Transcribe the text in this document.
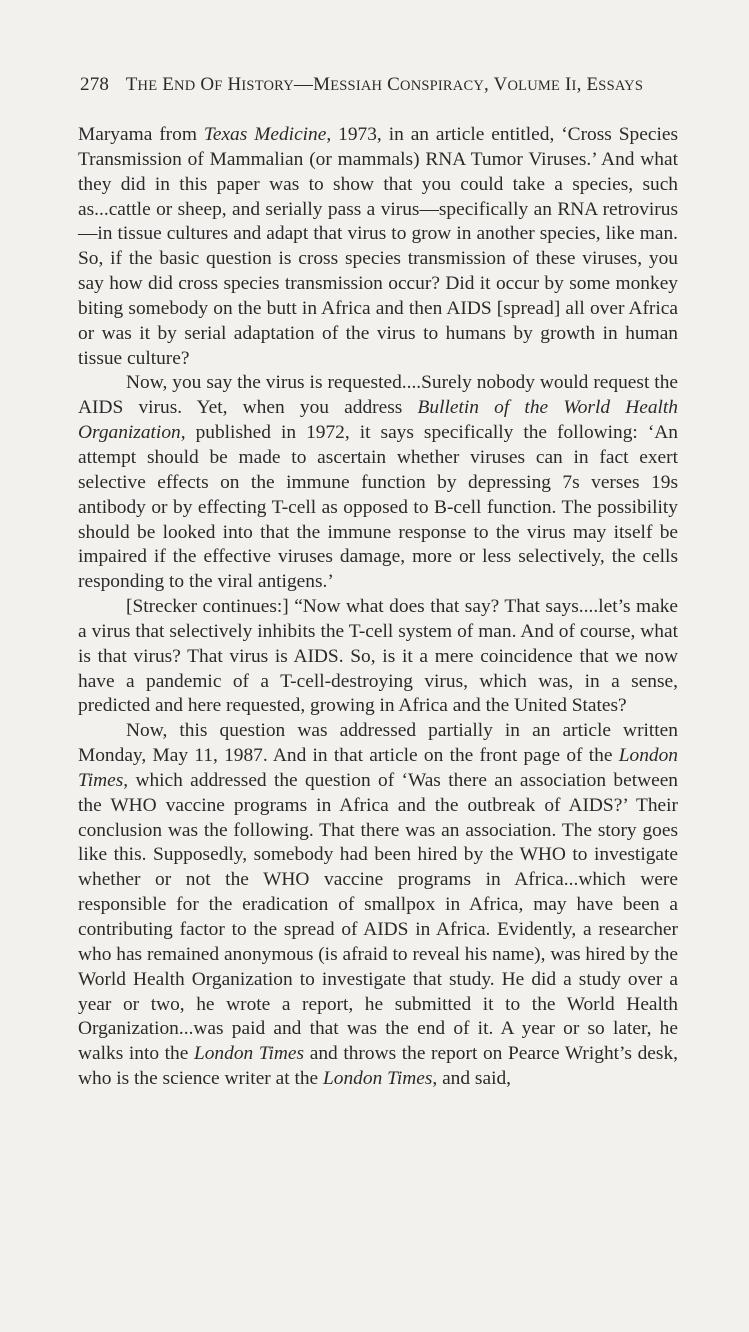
278 THE END OF HISTORY—MESSIAH CONSPIRACY, VOLUME II, ESSAYS

Maryama from Texas Medicine, 1973, in an article entitled, ‘Cross Species Transmission of Mammalian (or mammals) RNA Tumor Viruses.’ And what they did in this paper was to show that you could take a species, such as...cattle or sheep, and serially pass a virus—specifically an RNA retrovirus—in tissue cultures and adapt that virus to grow in another species, like man. So, if the basic question is cross species transmission of these viruses, you say how did cross species transmission occur? Did it occur by some monkey biting somebody on the butt in Africa and then AIDS [spread] all over Africa or was it by serial adaptation of the virus to humans by growth in human tissue culture?

Now, you say the virus is requested....Surely nobody would request the AIDS virus. Yet, when you address Bulletin of the World Health Organization, published in 1972, it says specifically the following: ‘An attempt should be made to ascertain whether viruses can in fact exert selective effects on the immune function by depressing 7s verses 19s antibody or by effecting T-cell as opposed to B-cell function. The possibility should be looked into that the immune response to the virus may itself be impaired if the effective viruses damage, more or less selectively, the cells responding to the viral antigens.’

[Strecker continues:] “Now what does that say? That says....let’s make a virus that selectively inhibits the T-cell system of man. And of course, what is that virus? That virus is AIDS. So, is it a mere coincidence that we now have a pandemic of a T-cell-destroying virus, which was, in a sense, predicted and here requested, growing in Africa and the United States?

Now, this question was addressed partially in an article written Monday, May 11, 1987. And in that article on the front page of the London Times, which addressed the question of ‘Was there an association between the WHO vaccine programs in Africa and the outbreak of AIDS?’ Their conclusion was the following. That there was an association. The story goes like this. Supposedly, somebody had been hired by the WHO to investigate whether or not the WHO vaccine programs in Africa...which were responsible for the eradication of smallpox in Africa, may have been a contributing factor to the spread of AIDS in Africa. Evidently, a researcher who has remained anonymous (is afraid to reveal his name), was hired by the World Health Organization to investigate that study. He did a study over a year or two, he wrote a report, he submitted it to the World Health Organization...was paid and that was the end of it. A year or so later, he walks into the London Times and throws the report on Pearce Wright’s desk, who is the science writer at the London Times, and said,
